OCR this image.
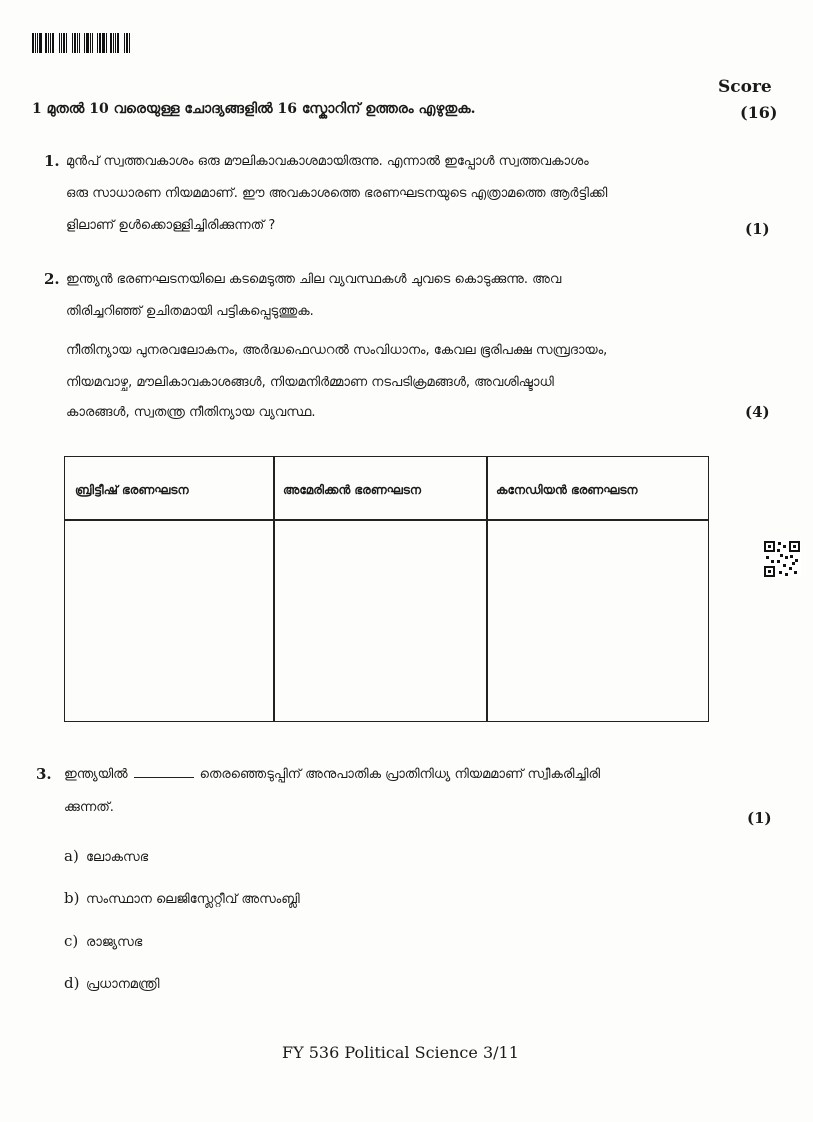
Score
(16)
1 മുതൽ 10 വരെയുള്ള ചോദ്യങ്ങളിൽ 16 സ്കോറിന് ഉത്തരം എഴുതുക.
1. മുൻപ് സ്വത്തവകാശം ഒരു മൗലികാവകാശമായിരുന്നു. എന്നാൽ ഇപ്പോൾ സ്വത്തവകാശം
ഒരു സാധാരണ നിയമമാണ്. ഈ അവകാശത്തെ ഭരണഘടനയുടെ എത്രാമത്തെ ആർട്ടിക്കി
ളിലാണ് ഉൾക്കൊള്ളിച്ചിരിക്കുന്നത് ?	(1)
2. ഇന്ത്യൻ ഭരണഘടനയിലെ കടമെടുത്ത ചില വ്യവസ്ഥകൾ ചുവടെ കൊടുക്കുന്നു. അവ
തിരിച്ചറിഞ്ഞ് ഉചിതമായി പട്ടികപ്പെടുത്തുക.
നീതിന്യായ പുനരവലോകനം, അർദ്ധഫെഡറൽ സംവിധാനം, കേവല ഭൂരിപക്ഷ സമ്പ്രദായം,
നിയമവാഴ്ച, മൗലികാവകാശങ്ങൾ, നിയമനിർമ്മാണ നടപടിക്രമങ്ങൾ, അവശിഷ്ടാധി
കാരങ്ങൾ, സ്വതന്ത്ര നീതിന്യായ വ്യവസ്ഥ.	(4)
ബ്രിട്ടീഷ് ഭരണഘടന	അമേരിക്കൻ ഭരണഘടന	കനേഡിയൻ ഭരണഘടന
3. ഇന്ത്യയിൽ	തെരഞ്ഞെടുപ്പിന് അനുപാതിക പ്രാതിനിധ്യ നിയമമാണ് സ്വീകരിച്ചിരി
ക്കുന്നത്.
(1)
a) ലോകസഭ
b) സംസ്ഥാന ലെജിസ്ലേറ്റീവ് അസംബ്ലി
c) രാജ്യസഭ
d) പ്രധാനമന്ത്രി
FY 536 Political Science 3/11
